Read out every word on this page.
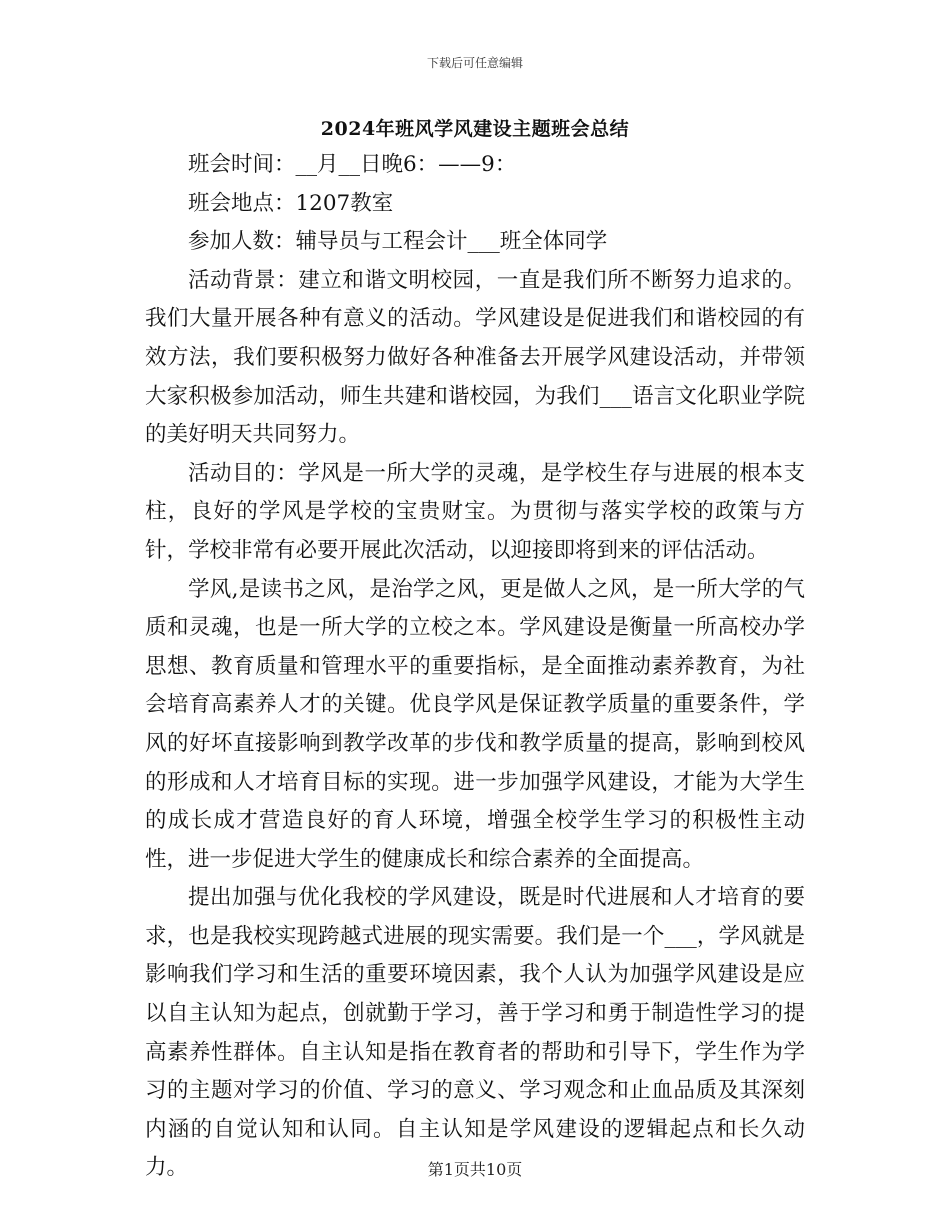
下载后可任意编辑
2024年班风学风建设主题班会总结

班会时间：__月__日晚6：——9：

班会地点：1207教室

参加人数：辅导员与工程会计___班全体同学

活动背景：建立和谐文明校园，一直是我们所不断努力追求的。我们大量开展各种有意义的活动。学风建设是促进我们和谐校园的有效方法，我们要积极努力做好各种准备去开展学风建设活动，并带领大家积极参加活动，师生共建和谐校园，为我们___语言文化职业学院的美好明天共同努力。

活动目的：学风是一所大学的灵魂，是学校生存与进展的根本支柱，良好的学风是学校的宝贵财宝。为贯彻与落实学校的政策与方针，学校非常有必要开展此次活动，以迎接即将到来的评估活动。

学风,是读书之风，是治学之风，更是做人之风，是一所大学的气质和灵魂，也是一所大学的立校之本。学风建设是衡量一所高校办学思想、教育质量和管理水平的重要指标，是全面推动素养教育，为社会培育高素养人才的关键。优良学风是保证教学质量的重要条件，学风的好坏直接影响到教学改革的步伐和教学质量的提高，影响到校风的形成和人才培育目标的实现。进一步加强学风建设，才能为大学生的成长成才营造良好的育人环境，增强全校学生学习的积极性主动性，进一步促进大学生的健康成长和综合素养的全面提高。

提出加强与优化我校的学风建设，既是时代进展和人才培育的要求，也是我校实现跨越式进展的现实需要。我们是一个___，学风就是影响我们学习和生活的重要环境因素，我个人认为加强学风建设是应以自主认知为起点，创就勤于学习，善于学习和勇于制造性学习的提高素养性群体。自主认知是指在教育者的帮助和引导下，学生作为学习的主题对学习的价值、学习的意义、学习观念和止血品质及其深刻内涵的自觉认知和认同。自主认知是学风建设的逻辑起点和长久动力。	第1页共10页
